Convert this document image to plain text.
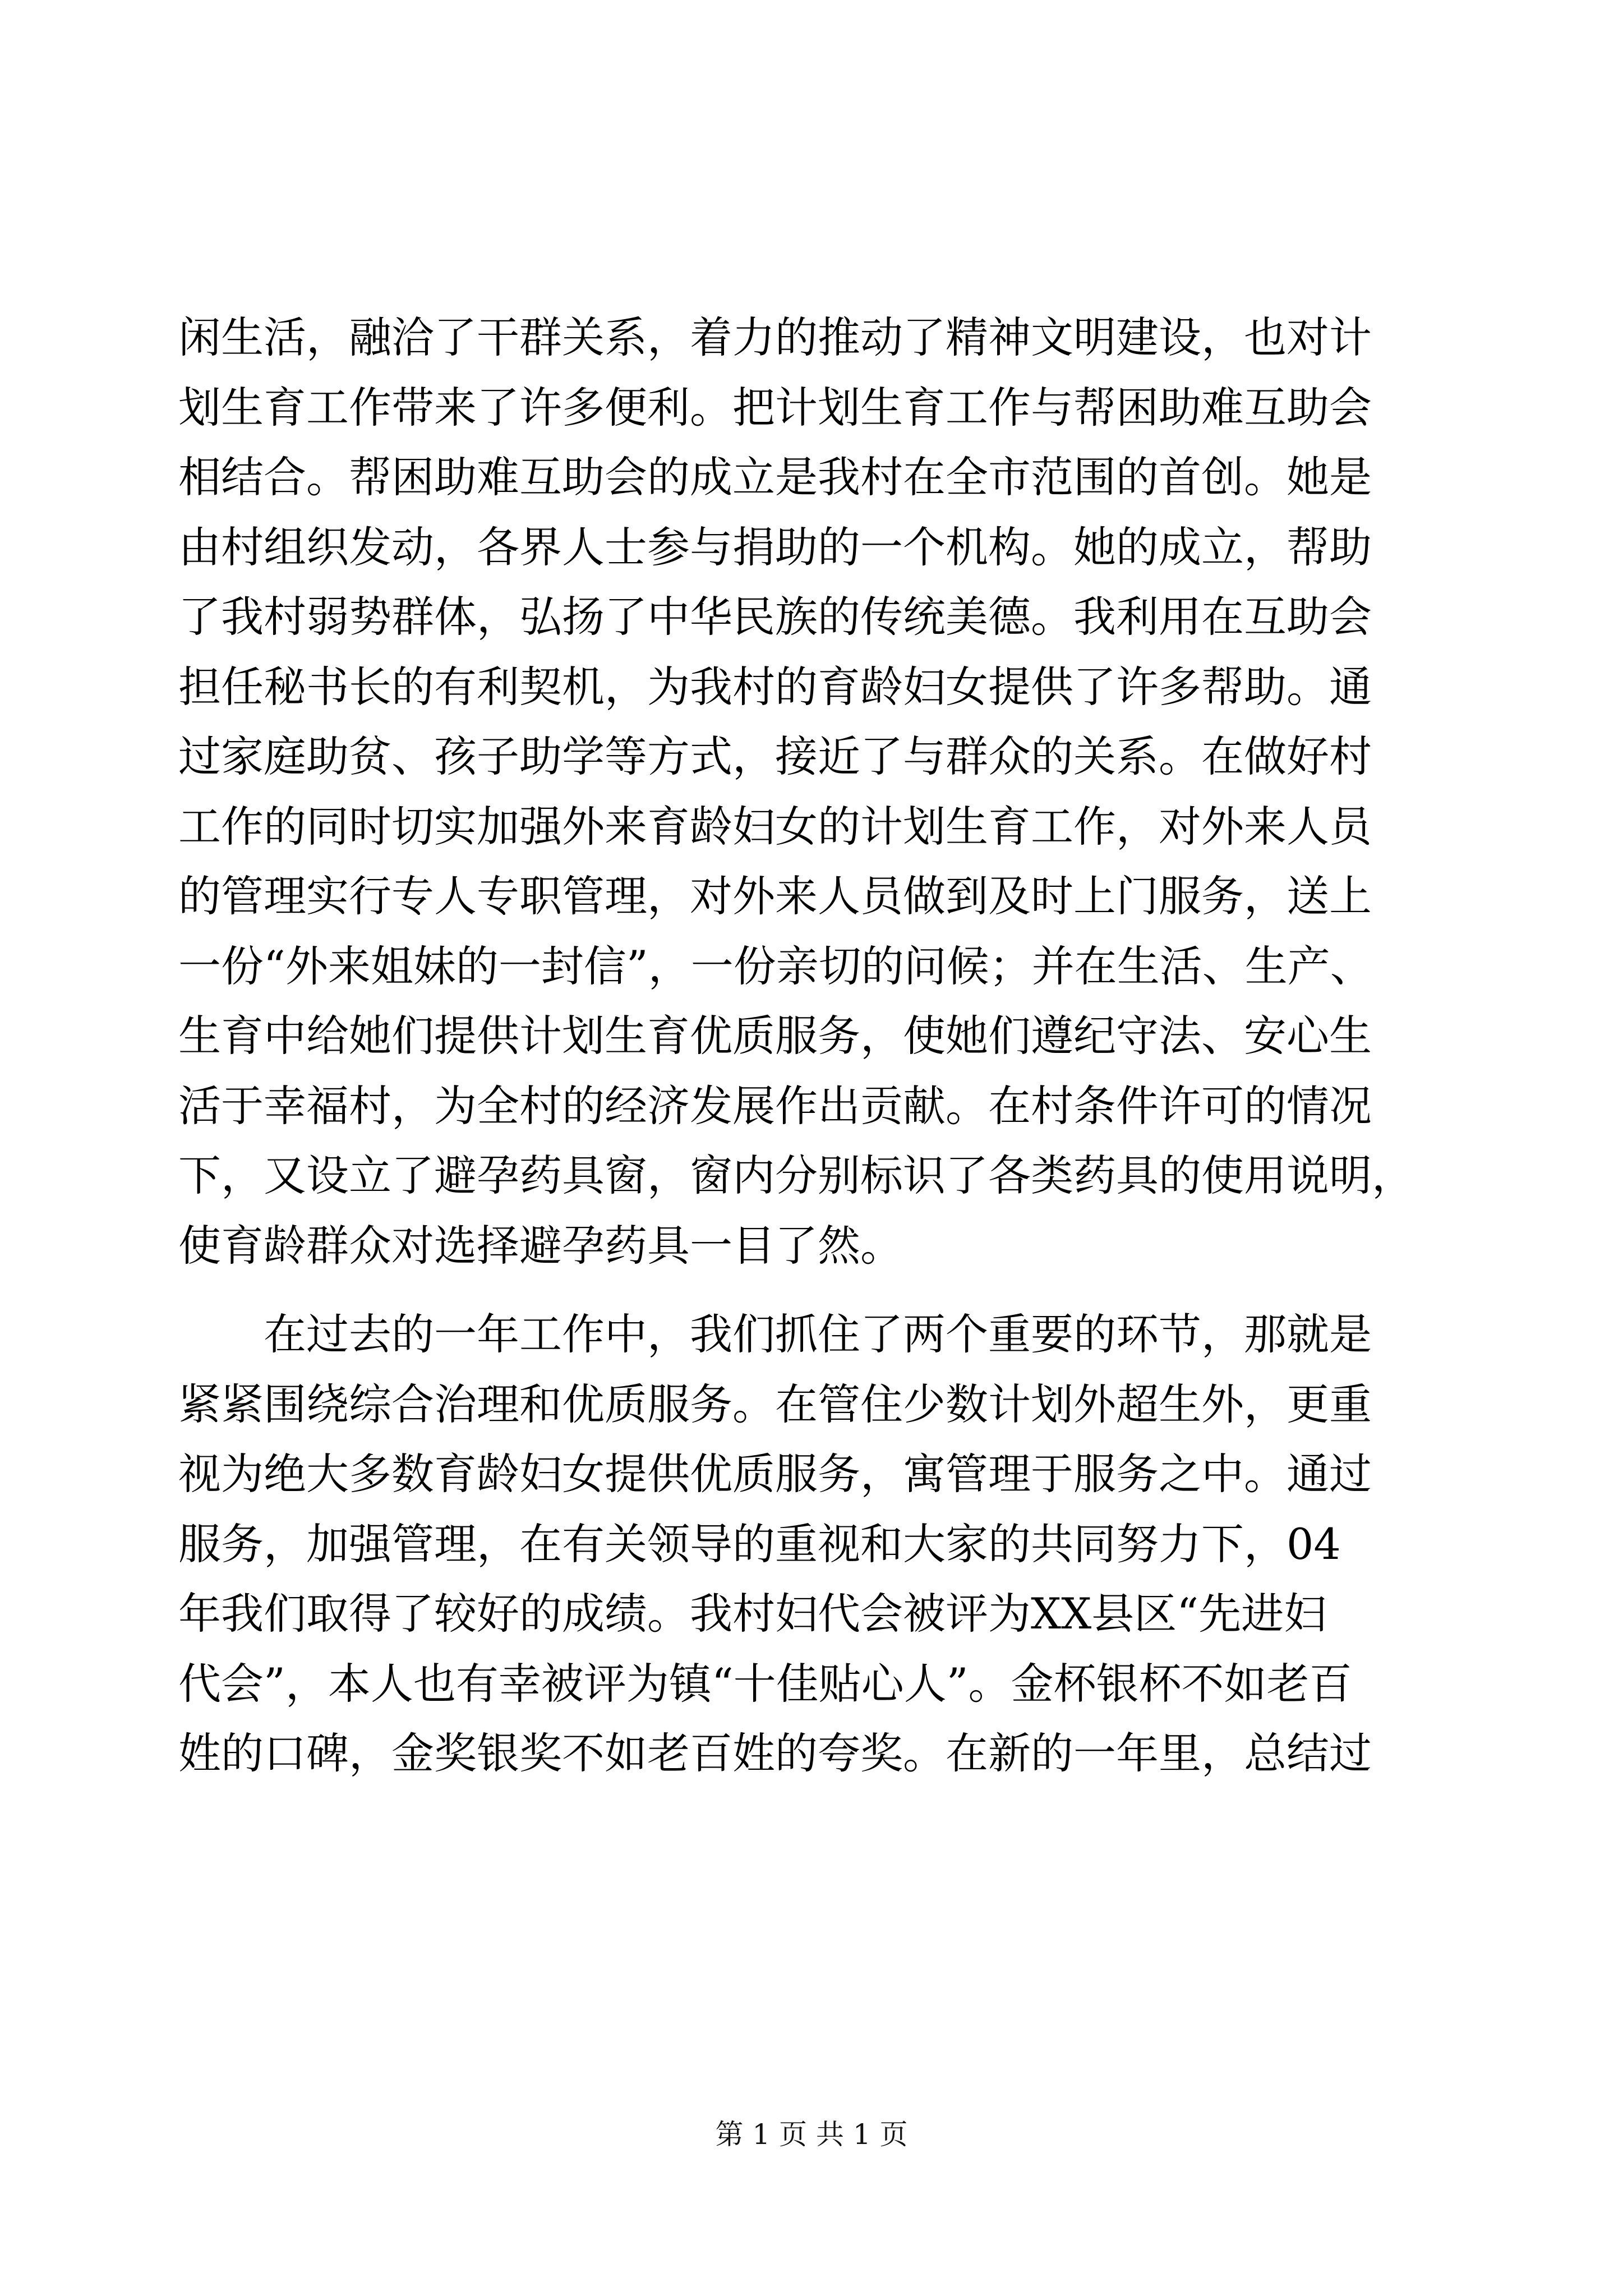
闲生活，融洽了干群关系，着力的推动了精神文明建设，也对计
划生育工作带来了许多便利。把计划生育工作与帮困助难互助会
相结合。帮困助难互助会的成立是我村在全市范围的首创。她是
由村组织发动，各界人士参与捐助的一个机构。她的成立，帮助
了我村弱势群体，弘扬了中华民族的传统美德。我利用在互助会
担任秘书长的有利契机，为我村的育龄妇女提供了许多帮助。通
过家庭助贫、孩子助学等方式，接近了与群众的关系。在做好村
工作的同时切实加强外来育龄妇女的计划生育工作，对外来人员
的管理实行专人专职管理，对外来人员做到及时上门服务，送上
一份“外来姐妹的一封信”，一份亲切的问候；并在生活、生产、
生育中给她们提供计划生育优质服务，使她们遵纪守法、安心生
活于幸福村，为全村的经济发展作出贡献。在村条件许可的情况
下，又设立了避孕药具窗，窗内分别标识了各类药具的使用说明，
使育龄群众对选择避孕药具一目了然。
　　在过去的一年工作中，我们抓住了两个重要的环节，那就是
紧紧围绕综合治理和优质服务。在管住少数计划外超生外，更重
视为绝大多数育龄妇女提供优质服务，寓管理于服务之中。通过
服务，加强管理，在有关领导的重视和大家的共同努力下，04
年我们取得了较好的成绩。我村妇代会被评为XX县区“先进妇
代会”，本人也有幸被评为镇“十佳贴心人”。金杯银杯不如老百
姓的口碑，金奖银奖不如老百姓的夸奖。在新的一年里，总结过
第 1 页 共 1 页
